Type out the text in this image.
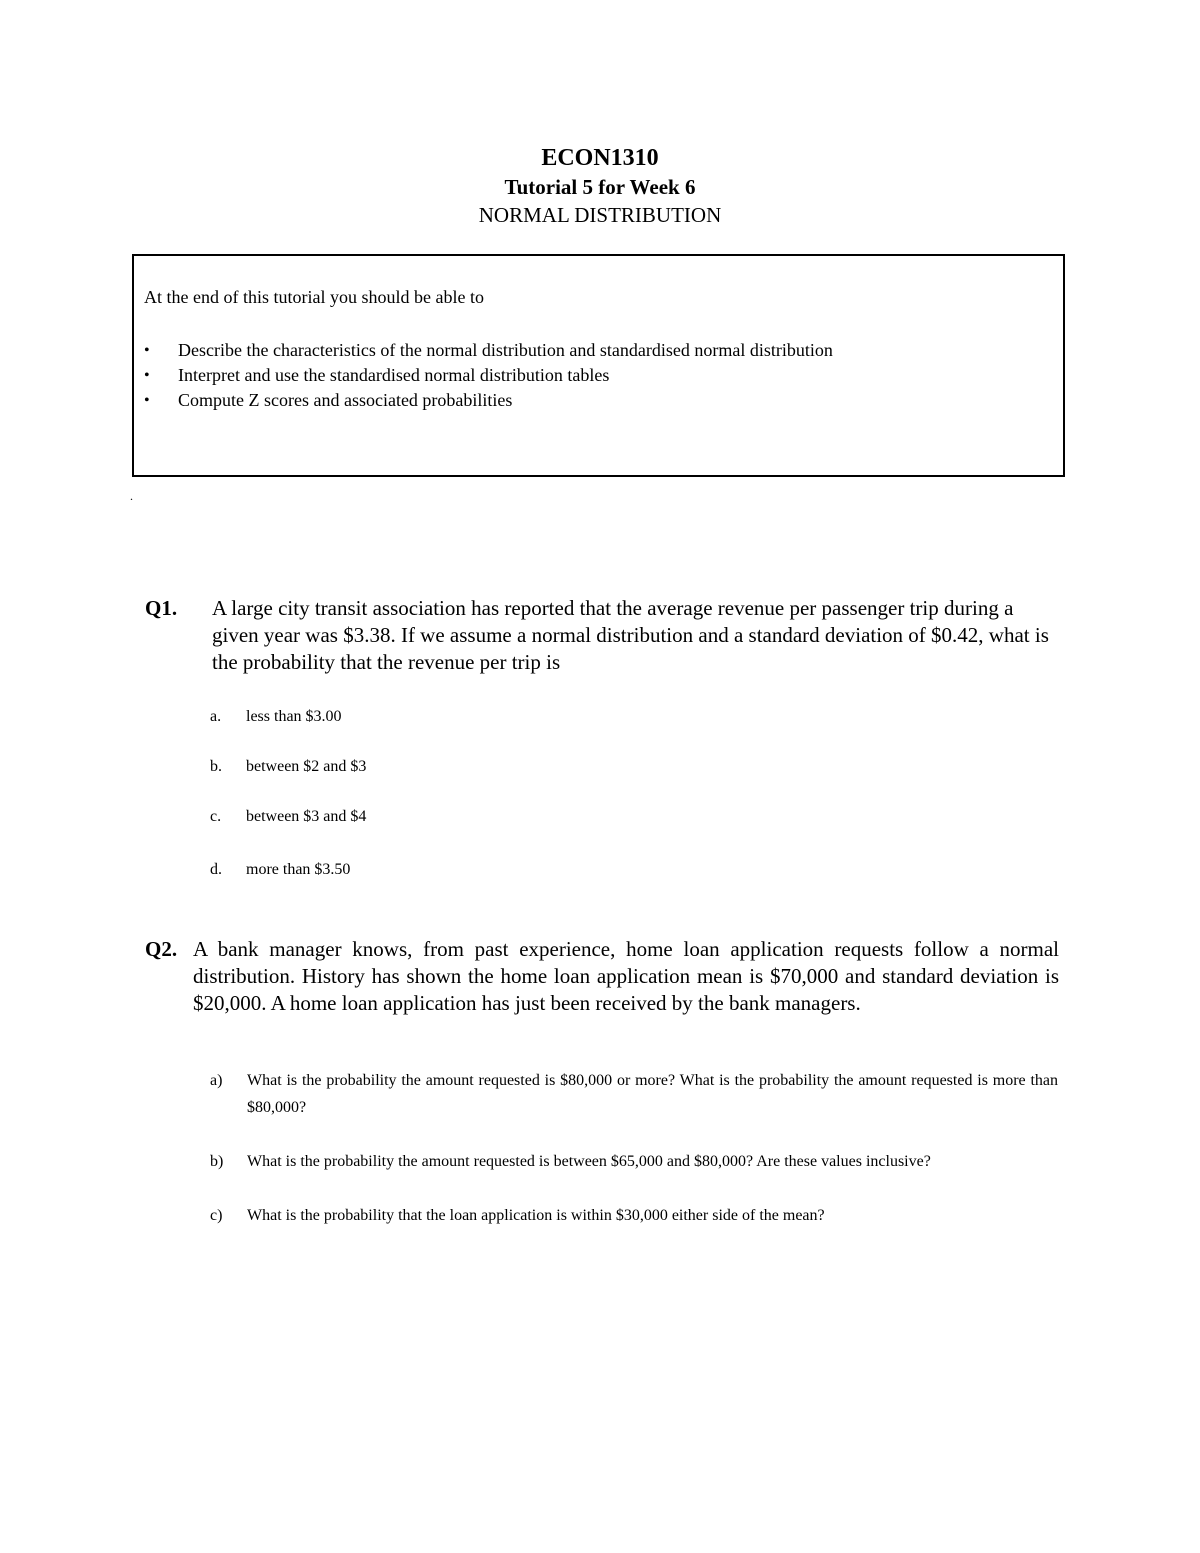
ECON1310
Tutorial 5 for Week 6
NORMAL DISTRIBUTION
At the end of this tutorial you should be able to
• Describe the characteristics of the normal distribution and standardised normal distribution
• Interpret and use the standardised normal distribution tables
• Compute Z scores and associated probabilities
.
Q1. A large city transit association has reported that the average revenue per passenger trip during a given year was $3.38. If we assume a normal distribution and a standard deviation of $0.42, what is the probability that the revenue per trip is
a. less than $3.00
b. between $2 and $3
c. between $3 and $4
d. more than $3.50
Q2. A bank manager knows, from past experience, home loan application requests follow a normal distribution. History has shown the home loan application mean is $70,000 and standard deviation is $20,000. A home loan application has just been received by the bank managers.
a) What is the probability the amount requested is $80,000 or more? What is the probability the amount requested is more than $80,000?
b) What is the probability the amount requested is between $65,000 and $80,000? Are these values inclusive?
c) What is the probability that the loan application is within $30,000 either side of the mean?
